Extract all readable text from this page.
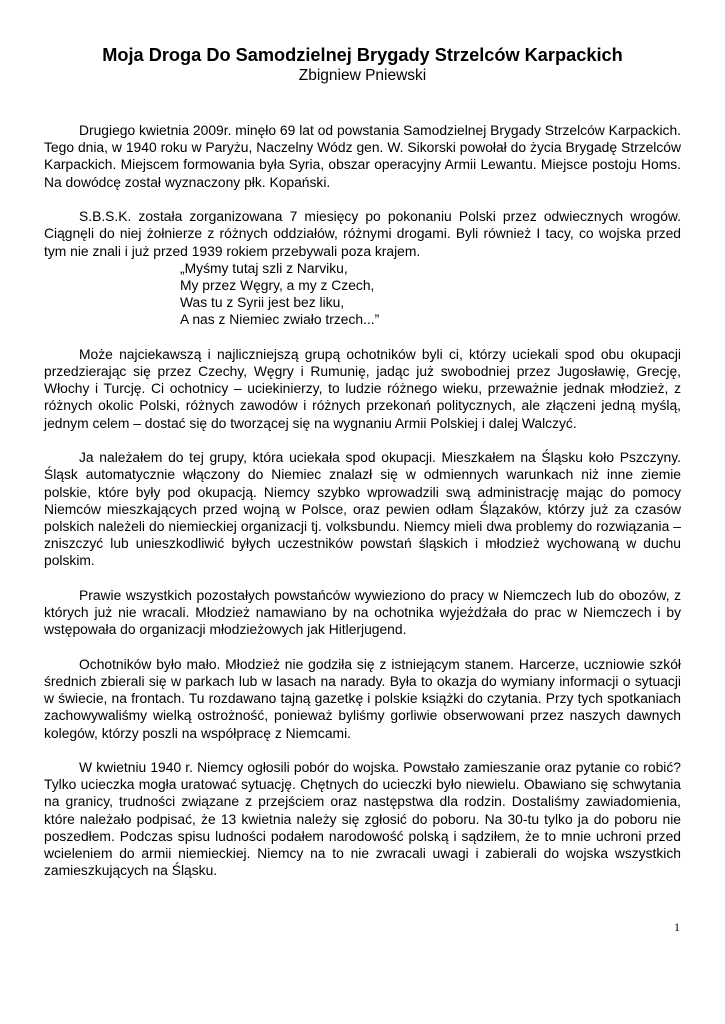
Moja Droga Do Samodzielnej Brygady Strzelców Karpackich
Zbigniew Pniewski

Drugiego kwietnia 2009r. minęło 69 lat od powstania Samodzielnej Brygady Strzelców Karpackich. Tego dnia, w 1940 roku w Paryżu, Naczelny Wódz gen. W. Sikorski powołał do życia Brygadę Strzelców Karpackich. Miejscem formowania była Syria, obszar operacyjny Armii Lewantu. Miejsce postoju Homs. Na dowódcę został wyznaczony płk. Kopański.

S.B.S.K. została zorganizowana 7 miesięcy po pokonaniu Polski przez odwiecznych wrogów. Ciągnęli do niej żołnierze z różnych oddziałów, różnymi drogami. Byli również I tacy, co wojska przed tym nie znali i już przed 1939 rokiem przebywali poza krajem.

„Myśmy tutaj szli z Narviku,
My przez Węgry, a my z Czech,
Was tu z Syrii jest bez liku,
A nas z Niemiec zwiało trzech...”

Może najciekawszą i najliczniejszą grupą ochotników byli ci, którzy uciekali spod obu okupacji przedzierając się przez Czechy, Węgry i Rumunię, jadąc już swobodniej przez Jugosławię, Grecję, Włochy i Turcję. Ci ochotnicy – uciekinierzy, to ludzie różnego wieku, przeważnie jednak młodzież, z różnych okolic Polski, różnych zawodów i różnych przekonań politycznych, ale złączeni jedną myślą, jednym celem – dostać się do tworzącej się na wygnaniu Armii Polskiej i dalej Walczyć.

Ja należałem do tej grupy, która uciekała spod okupacji. Mieszkałem na Śląsku koło Pszczyny. Śląsk automatycznie włączony do Niemiec znalazł się w odmiennych warunkach niż inne ziemie polskie, które były pod okupacją. Niemcy szybko wprowadzili swą administrację mając do pomocy Niemców mieszkających przed wojną w Polsce, oraz pewien odłam Ślązaków, którzy już za czasów polskich należeli do niemieckiej organizacji tj. volksbundu. Niemcy mieli dwa problemy do rozwiązania – zniszczyć lub unieszkodliwić byłych uczestników powstań śląskich i młodzież wychowaną w duchu polskim.

Prawie wszystkich pozostałych powstańców wywieziono do pracy w Niemczech lub do obozów, z których już nie wracali. Młodzież namawiano by na ochotnika wyjeżdżała do prac w Niemczech i by wstępowała do organizacji młodzieżowych jak Hitlerjugend.

Ochotników było mało. Młodzież nie godziła się z istniejącym stanem. Harcerze, uczniowie szkół średnich zbierali się w parkach lub w lasach na narady. Była to okazja do wymiany informacji o sytuacji w świecie, na frontach. Tu rozdawano tajną gazetkę i polskie książki do czytania. Przy tych spotkaniach zachowywaliśmy wielką ostrożność, ponieważ byliśmy gorliwie obserwowani przez naszych dawnych kolegów, którzy poszli na współpracę z Niemcami.

W kwietniu 1940 r. Niemcy ogłosili pobór do wojska. Powstało zamieszanie oraz pytanie co robić? Tylko ucieczka mogła uratować sytuację. Chętnych do ucieczki było niewielu. Obawiano się schwytania na granicy, trudności związane z przejściem oraz następstwa dla rodzin. Dostaliśmy zawiadomienia, które należało podpisać, że 13 kwietnia należy się zgłosić do poboru. Na 30-tu tylko ja do poboru nie poszedłem. Podczas spisu ludności podałem narodowość polską i sądziłem, że to mnie uchroni przed wcieleniem do armii niemieckiej. Niemcy na to nie zwracali uwagi i zabierali do wojska wszystkich zamieszkujących na Śląsku.

1
